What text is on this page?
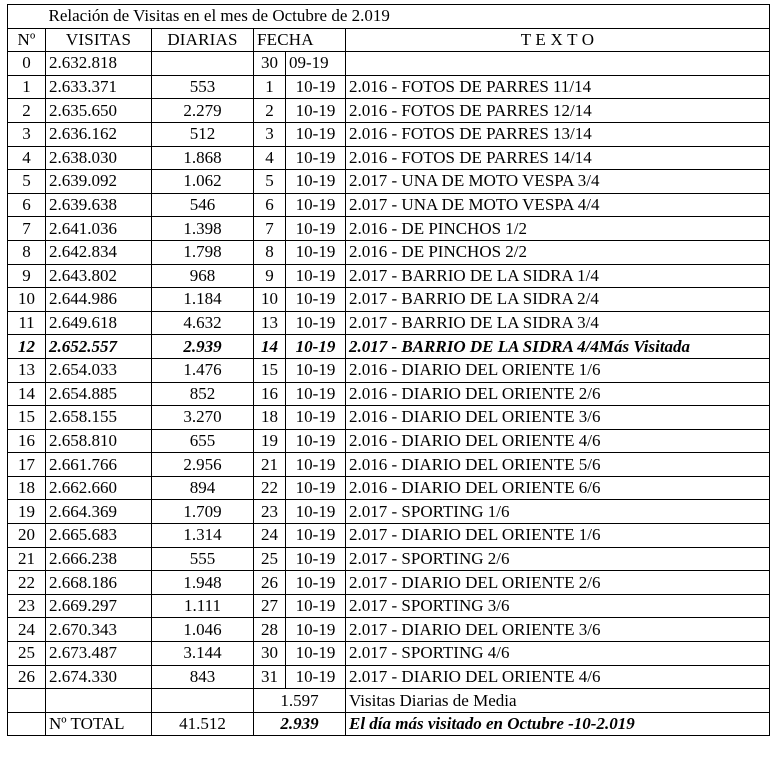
	Relación de Visitas en el mes de Octubre de 2.019				
Nº	VISITAS	DIARIAS	FECHA		T E X T O
0	2.632.818		30	09-19	
1	2.633.371	553	1	10-19	2.016 - FOTOS DE PARRES 11/14
2	2.635.650	2.279	2	10-19	2.016 - FOTOS DE PARRES 12/14
3	2.636.162	512	3	10-19	2.016 - FOTOS DE PARRES 13/14
4	2.638.030	1.868	4	10-19	2.016 - FOTOS DE PARRES 14/14
5	2.639.092	1.062	5	10-19	2.017 - UNA DE MOTO VESPA 3/4
6	2.639.638	546	6	10-19	2.017 - UNA DE MOTO VESPA 4/4
7	2.641.036	1.398	7	10-19	2.016 - DE PINCHOS 1/2
8	2.642.834	1.798	8	10-19	2.016 - DE PINCHOS 2/2
9	2.643.802	968	9	10-19	2.017 - BARRIO DE LA SIDRA 1/4
10	2.644.986	1.184	10	10-19	2.017 - BARRIO DE LA SIDRA 2/4
11	2.649.618	4.632	13	10-19	2.017 - BARRIO DE LA SIDRA 3/4
12	2.652.557	2.939	14	10-19	2.017 - BARRIO DE LA SIDRA 4/4Más Visitada
13	2.654.033	1.476	15	10-19	2.016 - DIARIO DEL ORIENTE 1/6
14	2.654.885	852	16	10-19	2.016 - DIARIO DEL ORIENTE 2/6
15	2.658.155	3.270	18	10-19	2.016 - DIARIO DEL ORIENTE 3/6
16	2.658.810	655	19	10-19	2.016 - DIARIO DEL ORIENTE 4/6
17	2.661.766	2.956	21	10-19	2.016 - DIARIO DEL ORIENTE 5/6
18	2.662.660	894	22	10-19	2.016 - DIARIO DEL ORIENTE 6/6
19	2.664.369	1.709	23	10-19	2.017 - SPORTING 1/6
20	2.665.683	1.314	24	10-19	2.017 - DIARIO DEL ORIENTE 1/6
21	2.666.238	555	25	10-19	2.017 - SPORTING 2/6
22	2.668.186	1.948	26	10-19	2.017 - DIARIO DEL ORIENTE 2/6
23	2.669.297	1.111	27	10-19	2.017 - SPORTING 3/6
24	2.670.343	1.046	28	10-19	2.017 - DIARIO DEL ORIENTE 3/6
25	2.673.487	3.144	30	10-19	2.017 - SPORTING 4/6
26	2.674.330	843	31	10-19	2.017 - DIARIO DEL ORIENTE 4/6
			1.597		Visitas Diarias de Media
	Nº TOTAL	41.512	2.939		El día más visitado en Octubre -10-2.019
